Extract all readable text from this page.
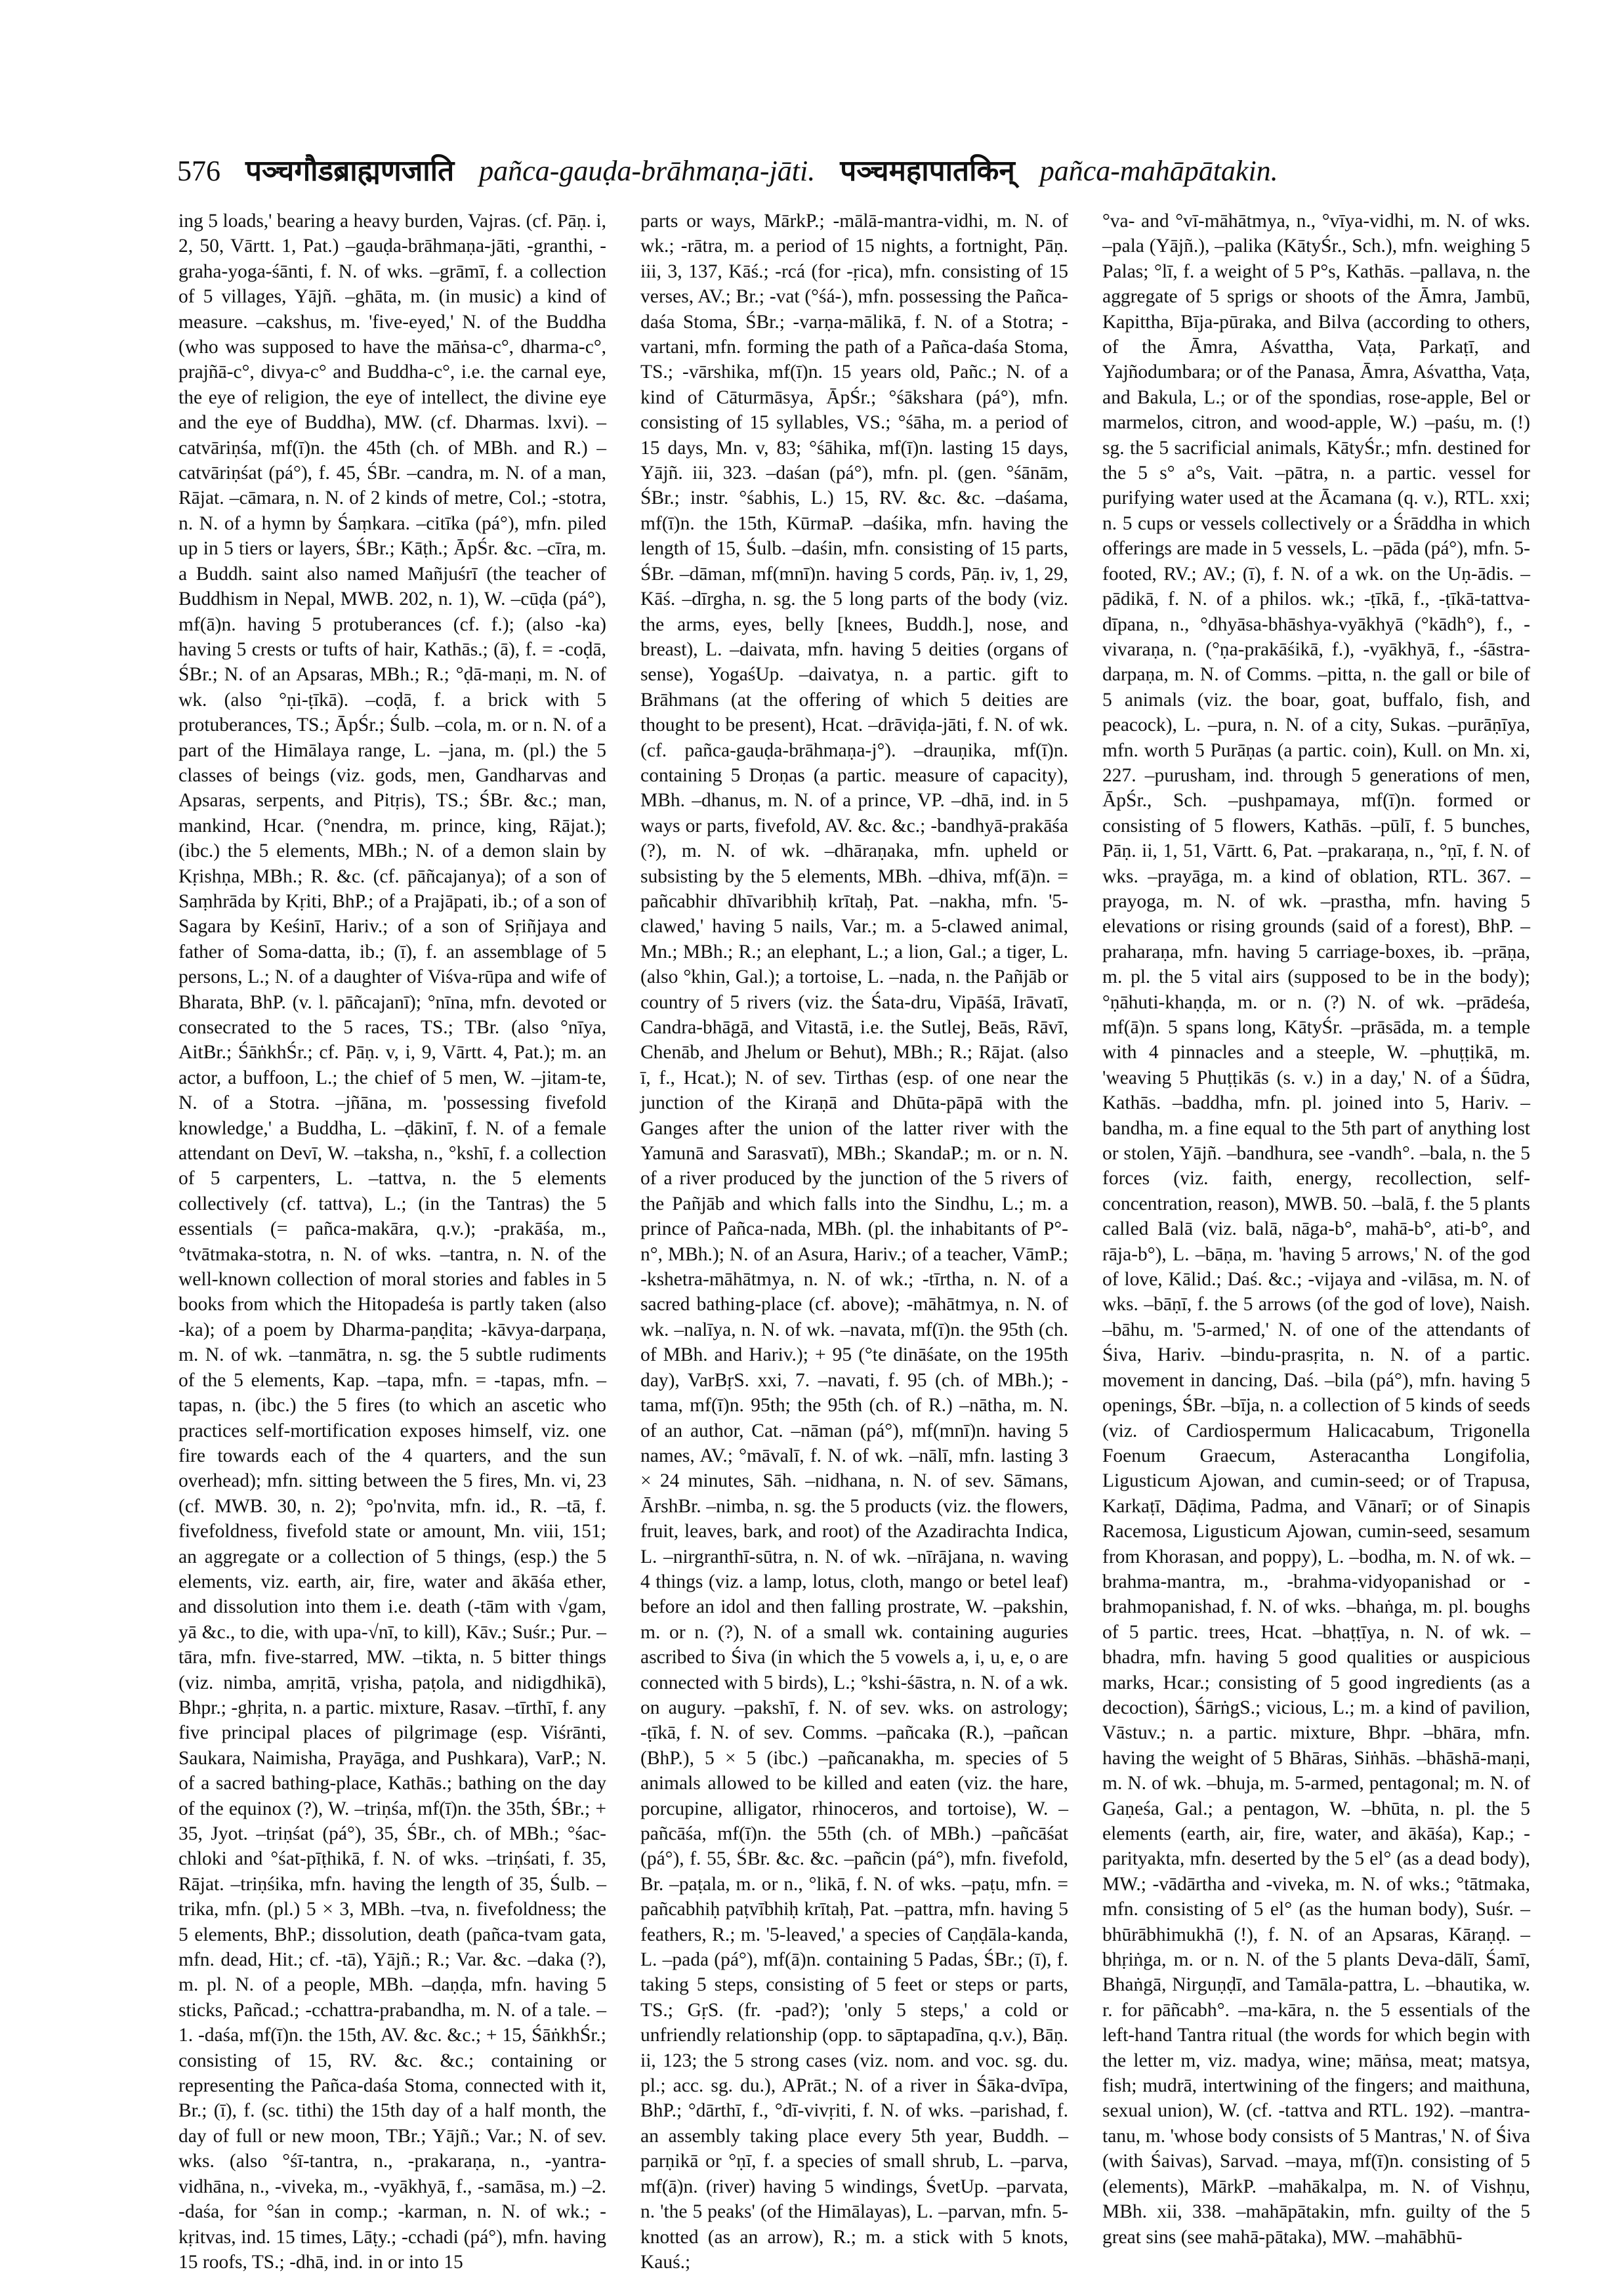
576 पञ्चगौडब्राह्मणजाति pañca-gauḍa-brāhmaṇa-jāti. पञ्चमहापातकिन् pañca-mahāpātakin.

ing 5 loads,' bearing a heavy burden, Vajras. (cf. Pāṇ. i, 2, 50, Vārtt. 1, Pat.) –gauḍa-brāhmaṇa-jāti, -granthi, -graha-yoga-śānti, f. N. of wks. –grāmī, f. a collection of 5 villages, Yājñ. –ghāta, m. (in music) a kind of measure. –cakshus, m. 'five-eyed,' N. of the Buddha (who was supposed to have the māṅsa-c°, dharma-c°, prajñā-c°, divya-c° and Buddha-c°, i.e. the carnal eye, the eye of religion, the eye of intellect, the divine eye and the eye of Buddha), MW. (cf. Dharmas. lxvi). –catvāriṇśa, mf(ī)n. the 45th (ch. of MBh. and R.) –catvāriṇśat (pá°), f. 45, ŚBr. –candra, m. N. of a man, Rājat. –cāmara, n. N. of 2 kinds of metre, Col.; -stotra, n. N. of a hymn by Śaṃkara. –citīka (pá°), mfn. piled up in 5 tiers or layers, ŚBr.; Kāṭh.; ĀpŚr. &c. –cīra, m. a Buddh. saint also named Mañjuśrī (the teacher of Buddhism in Nepal, MWB. 202, n. 1), W. –cūḍa (pá°), mf(ā)n. having 5 protuberances (cf. f.); (also -ka) having 5 crests or tufts of hair, Kathās.; (ā), f. = -coḍā, ŚBr.; N. of an Apsaras, MBh.; R.; °ḍā-maṇi, m. N. of wk. (also °ṇi-ṭīkā). –coḍā, f. a brick with 5 protuberances, TS.; ĀpŚr.; Śulb. –cola, m. or n. N. of a part of the Himālaya range, L. –jana, m. (pl.) the 5 classes of beings (viz. gods, men, Gandharvas and Apsaras, serpents, and Pitṛis), TS.; ŚBr. &c.; man, mankind, Hcar. (°nendra, m. prince, king, Rājat.); (ibc.) the 5 elements, MBh.; N. of a demon slain by Kṛishṇa, MBh.; R. &c. (cf. pāñcajanya); of a son of Saṃhrāda by Kṛiti, BhP.; of a Prajāpati, ib.; of a son of Sagara by Keśinī, Hariv.; of a son of Sṛiñjaya and father of Soma-datta, ib.; (ī), f. an assemblage of 5 persons, L.; N. of a daughter of Viśva-rūpa and wife of Bharata, BhP. (v. l. pāñcajanī); °nīna, mfn. devoted or consecrated to the 5 races, TS.; TBr. (also °nīya, AitBr.; ŚāṅkhŚr.; cf. Pāṇ. v, i, 9, Vārtt. 4, Pat.); m. an actor, a buffoon, L.; the chief of 5 men, W. –jitam-te, N. of a Stotra. –jñāna, m. 'possessing fivefold knowledge,' a Buddha, L. –ḍākinī, f. N. of a female attendant on Devī, W. –taksha, n., °kshī, f. a collection of 5 carpenters, L. –tattva, n. the 5 elements collectively (cf. tattva), L.; (in the Tantras) the 5 essentials (= pañca-makāra, q.v.); -prakāśa, m., °tvātmaka-stotra, n. N. of wks. –tantra, n. N. of the well-known collection of moral stories and fables in 5 books from which the Hitopadeśa is partly taken (also -ka); of a poem by Dharma-paṇḍita; -kāvya-darpaṇa, m. N. of wk. –tanmātra, n. sg. the 5 subtle rudiments of the 5 elements, Kap. –tapa, mfn. = -tapas, mfn. –tapas, n. (ibc.) the 5 fires (to which an ascetic who practices self-mortification exposes himself, viz. one fire towards each of the 4 quarters, and the sun overhead); mfn. sitting between the 5 fires, Mn. vi, 23 (cf. MWB. 30, n. 2); °po'nvita, mfn. id., R. –tā, f. fivefoldness, fivefold state or amount, Mn. viii, 151; an aggregate or a collection of 5 things, (esp.) the 5 elements, viz. earth, air, fire, water and ākāśa ether, and dissolution into them i.e. death (-tām with √gam, yā &c., to die, with upa-√nī, to kill), Kāv.; Suśr.; Pur. –tāra, mfn. five-starred, MW. –tikta, n. 5 bitter things (viz. nimba, amṛitā, vṛisha, paṭola, and nidigdhikā), Bhpr.; -ghṛita, n. a partic. mixture, Rasav. –tīrthī, f. any five principal places of pilgrimage (esp. Viśrānti, Saukara, Naimisha, Prayāga, and Pushkara), VarP.; N. of a sacred bathing-place, Kathās.; bathing on the day of the equinox (?), W. –triṇśa, mf(ī)n. the 35th, ŚBr.; + 35, Jyot. –triṇśat (pá°), 35, ŚBr., ch. of MBh.; °śac-chloki and °śat-pīṭhikā, f. N. of wks. –triṇśati, f. 35, Rājat. –triṇśika, mfn. having the length of 35, Śulb. –trika, mfn. (pl.) 5 × 3, MBh. –tva, n. fivefoldness; the 5 elements, BhP.; dissolution, death (pañca-tvam gata, mfn. dead, Hit.; cf. -tā), Yājñ.; R.; Var. &c. –daka (?), m. pl. N. of a people, MBh. –daṇḍa, mfn. having 5 sticks, Pañcad.; -cchattra-prabandha, m. N. of a tale. –1. -daśa, mf(ī)n. the 15th, AV. &c. &c.; + 15, ŚāṅkhŚr.; consisting of 15, RV. &c. &c.; containing or representing the Pañca-daśa Stoma, connected with it, Br.; (ī), f. (sc. tithi) the 15th day of a half month, the day of full or new moon, TBr.; Yājñ.; Var.; N. of sev. wks. (also °śī-tantra, n., -prakaraṇa, n., -yantra-vidhāna, n., -viveka, m., -vyākhyā, f., -samāsa, m.) –2. -daśa, for °śan in comp.; -karman, n. N. of wk.; -kṛitvas, ind. 15 times, Lāṭy.; -cchadi (pá°), mfn. having 15 roofs, TS.; -dhā, ind. in or into 15

parts or ways, MārkP.; -mālā-mantra-vidhi, m. N. of wk.; -rātra, m. a period of 15 nights, a fortnight, Pāṇ. iii, 3, 137, Kāś.; -rcá (for -ṛica), mfn. consisting of 15 verses, AV.; Br.; -vat (°śá-), mfn. possessing the Pañca-daśa Stoma, ŚBr.; -varṇa-mālikā, f. N. of a Stotra; -vartani, mfn. forming the path of a Pañca-daśa Stoma, TS.; -vārshika, mf(ī)n. 15 years old, Pañc.; N. of a kind of Cāturmāsya, ĀpŚr.; °śākshara (pá°), mfn. consisting of 15 syllables, VS.; °śāha, m. a period of 15 days, Mn. v, 83; °śāhika, mf(ī)n. lasting 15 days, Yājñ. iii, 323. –daśan (pá°), mfn. pl. (gen. °śānām, ŚBr.; instr. °śabhis, L.) 15, RV. &c. &c. –daśama, mf(ī)n. the 15th, KūrmaP. –daśika, mfn. having the length of 15, Śulb. –daśin, mfn. consisting of 15 parts, ŚBr. –dāman, mf(mnī)n. having 5 cords, Pāṇ. iv, 1, 29, Kāś. –dīrgha, n. sg. the 5 long parts of the body (viz. the arms, eyes, belly [knees, Buddh.], nose, and breast), L. –daivata, mfn. having 5 deities (organs of sense), YogaśUp. –daivatya, n. a partic. gift to Brāhmans (at the offering of which 5 deities are thought to be present), Hcat. –drāviḍa-jāti, f. N. of wk. (cf. pañca-gauḍa-brāhmaṇa-j°). –drauṇika, mf(ī)n. containing 5 Droṇas (a partic. measure of capacity), MBh. –dhanus, m. N. of a prince, VP. –dhā, ind. in 5 ways or parts, fivefold, AV. &c. &c.; -bandhyā-prakāśa (?), m. N. of wk. –dhāraṇaka, mfn. upheld or subsisting by the 5 elements, MBh. –dhiva, mf(ā)n. = pañcabhir dhīvaribhiḥ krītaḥ, Pat. –nakha, mfn. '5-clawed,' having 5 nails, Var.; m. a 5-clawed animal, Mn.; MBh.; R.; an elephant, L.; a lion, Gal.; a tiger, L. (also °khin, Gal.); a tortoise, L. –nada, n. the Pañjāb or country of 5 rivers (viz. the Śata-dru, Vipāśā, Irāvatī, Candra-bhāgā, and Vitastā, i.e. the Sutlej, Beās, Rāvī, Chenāb, and Jhelum or Behut), MBh.; R.; Rājat. (also ī, f., Hcat.); N. of sev. Tirthas (esp. of one near the junction of the Kiraṇā and Dhūta-pāpā with the Ganges after the union of the latter river with the Yamunā and Sarasvatī), MBh.; SkandaP.; m. or n. N. of a river produced by the junction of the 5 rivers of the Pañjāb and which falls into the Sindhu, L.; m. a prince of Pañca-nada, MBh. (pl. the inhabitants of P°-n°, MBh.); N. of an Asura, Hariv.; of a teacher, VāmP.; -kshetra-māhātmya, n. N. of wk.; -tīrtha, n. N. of a sacred bathing-place (cf. above); -māhātmya, n. N. of wk. –nalīya, n. N. of wk. –navata, mf(ī)n. the 95th (ch. of MBh. and Hariv.); + 95 (°te dināśate, on the 195th day), VarBṛS. xxi, 7. –navati, f. 95 (ch. of MBh.); -tama, mf(ī)n. 95th; the 95th (ch. of R.) –nātha, m. N. of an author, Cat. –nāman (pá°), mf(mnī)n. having 5 names, AV.; °māvalī, f. N. of wk. –nālī, mfn. lasting 3 × 24 minutes, Sāh. –nidhana, n. N. of sev. Sāmans, ĀrshBr. –nimba, n. sg. the 5 products (viz. the flowers, fruit, leaves, bark, and root) of the Azadirachta Indica, L. –nirgranthī-sūtra, n. N. of wk. –nīrājana, n. waving 4 things (viz. a lamp, lotus, cloth, mango or betel leaf) before an idol and then falling prostrate, W. –pakshin, m. or n. (?), N. of a small wk. containing auguries ascribed to Śiva (in which the 5 vowels a, i, u, e, o are connected with 5 birds), L.; °kshi-śāstra, n. N. of a wk. on augury. –pakshī, f. N. of sev. wks. on astrology; -ṭīkā, f. N. of sev. Comms. –pañcaka (R.), –pañcan (BhP.), 5 × 5 (ibc.) –pañcanakha, m. species of 5 animals allowed to be killed and eaten (viz. the hare, porcupine, alligator, rhinoceros, and tortoise), W. –pañcāśa, mf(ī)n. the 55th (ch. of MBh.) –pañcāśat (pá°), f. 55, ŚBr. &c. &c. –pañcin (pá°), mfn. fivefold, Br. –paṭala, m. or n., °likā, f. N. of wks. –paṭu, mfn. = pañcabhiḥ paṭvībhiḥ krītaḥ, Pat. –pattra, mfn. having 5 feathers, R.; m. '5-leaved,' a species of Caṇḍāla-kanda, L. –pada (pá°), mf(ā)n. containing 5 Padas, ŚBr.; (ī), f. taking 5 steps, consisting of 5 feet or steps or parts, TS.; GṛS. (fr. -pad?); 'only 5 steps,' a cold or unfriendly relationship (opp. to sāptapadīna, q.v.), Bāṇ. ii, 123; the 5 strong cases (viz. nom. and voc. sg. du. pl.; acc. sg. du.), APrāt.; N. of a river in Śāka-dvīpa, BhP.; °dārthī, f., °dī-vivṛiti, f. N. of wks. –parishad, f. an assembly taking place every 5th year, Buddh. –parṇikā or °ṇī, f. a species of small shrub, L. –parva, mf(ā)n. (river) having 5 windings, ŚvetUp. –parvata, n. 'the 5 peaks' (of the Himālayas), L. –parvan, mfn. 5-knotted (as an arrow), R.; m. a stick with 5 knots, Kauś.;

°va- and °vī-māhātmya, n., °vīya-vidhi, m. N. of wks. –pala (Yājñ.), –palika (KātyŚr., Sch.), mfn. weighing 5 Palas; °lī, f. a weight of 5 P°s, Kathās. –pallava, n. the aggregate of 5 sprigs or shoots of the Āmra, Jambū, Kapittha, Bīja-pūraka, and Bilva (according to others, of the Āmra, Aśvattha, Vaṭa, Parkaṭī, and Yajñodumbara; or of the Panasa, Āmra, Aśvattha, Vaṭa, and Bakula, L.; or of the spondias, rose-apple, Bel or marmelos, citron, and wood-apple, W.) –paśu, m. (!) sg. the 5 sacrificial animals, KātyŚr.; mfn. destined for the 5 s° a°s, Vait. –pātra, n. a partic. vessel for purifying water used at the Ācamana (q. v.), RTL. xxi; n. 5 cups or vessels collectively or a Śrāddha in which offerings are made in 5 vessels, L. –pāda (pá°), mfn. 5-footed, RV.; AV.; (ī), f. N. of a wk. on the Uṇ-ādis. –pādikā, f. N. of a philos. wk.; -ṭīkā, f., -ṭīkā-tattva-dīpana, n., °dhyāsa-bhāshya-vyākhyā (°kādh°), f., -vivaraṇa, n. (°ṇa-prakāśikā, f.), -vyākhyā, f., -śāstra-darpaṇa, m. N. of Comms. –pitta, n. the gall or bile of 5 animals (viz. the boar, goat, buffalo, fish, and peacock), L. –pura, n. N. of a city, Sukas. –purāṇīya, mfn. worth 5 Purāṇas (a partic. coin), Kull. on Mn. xi, 227. –purusham, ind. through 5 generations of men, ĀpŚr., Sch. –pushpamaya, mf(ī)n. formed or consisting of 5 flowers, Kathās. –pūlī, f. 5 bunches, Pāṇ. ii, 1, 51, Vārtt. 6, Pat. –prakaraṇa, n., °ṇī, f. N. of wks. –prayāga, m. a kind of oblation, RTL. 367. –prayoga, m. N. of wk. –prastha, mfn. having 5 elevations or rising grounds (said of a forest), BhP. –praharaṇa, mfn. having 5 carriage-boxes, ib. –prāṇa, m. pl. the 5 vital airs (supposed to be in the body); °ṇāhuti-khaṇḍa, m. or n. (?) N. of wk. –prādeśa, mf(ā)n. 5 spans long, KātyŚr. –prāsāda, m. a temple with 4 pinnacles and a steeple, W. –phuṭṭikā, m. 'weaving 5 Phuṭṭikās (s. v.) in a day,' N. of a Śūdra, Kathās. –baddha, mfn. pl. joined into 5, Hariv. –bandha, m. a fine equal to the 5th part of anything lost or stolen, Yājñ. –bandhura, see -vandh°. –bala, n. the 5 forces (viz. faith, energy, recollection, self-concentration, reason), MWB. 50. –balā, f. the 5 plants called Balā (viz. balā, nāga-b°, mahā-b°, ati-b°, and rāja-b°), L. –bāṇa, m. 'having 5 arrows,' N. of the god of love, Kālid.; Daś. &c.; -vijaya and -vilāsa, m. N. of wks. –bāṇī, f. the 5 arrows (of the god of love), Naish. –bāhu, m. '5-armed,' N. of one of the attendants of Śiva, Hariv. –bindu-prasṛita, n. N. of a partic. movement in dancing, Daś. –bila (pá°), mfn. having 5 openings, ŚBr. –bīja, n. a collection of 5 kinds of seeds (viz. of Cardiospermum Halicacabum, Trigonella Foenum Graecum, Asteracantha Longifolia, Ligusticum Ajowan, and cumin-seed; or of Trapusa, Karkaṭī, Dāḍima, Padma, and Vānarī; or of Sinapis Racemosa, Ligusticum Ajowan, cumin-seed, sesamum from Khorasan, and poppy), L. –bodha, m. N. of wk. –brahma-mantra, m., -brahma-vidyopanishad or -brahmopanishad, f. N. of wks. –bhaṅga, m. pl. boughs of 5 partic. trees, Hcat. –bhaṭṭīya, n. N. of wk. –bhadra, mfn. having 5 good qualities or auspicious marks, Hcar.; consisting of 5 good ingredients (as a decoction), ŚārṅgS.; vicious, L.; m. a kind of pavilion, Vāstuv.; n. a partic. mixture, Bhpr. –bhāra, mfn. having the weight of 5 Bhāras, Siṅhās. –bhāshā-maṇi, m. N. of wk. –bhuja, m. 5-armed, pentagonal; m. N. of Gaṇeśa, Gal.; a pentagon, W. –bhūta, n. pl. the 5 elements (earth, air, fire, water, and ākāśa), Kap.; -parityakta, mfn. deserted by the 5 el° (as a dead body), MW.; -vādārtha and -viveka, m. N. of wks.; °tātmaka, mfn. consisting of 5 el° (as the human body), Suśr. –bhūrābhimukhā (!), f. N. of an Apsaras, Kāraṇḍ. –bhṛiṅga, m. or n. N. of the 5 plants Deva-dālī, Śamī, Bhaṅgā, Nirguṇḍī, and Tamāla-pattra, L. –bhautika, w. r. for pāñcabh°. –ma-kāra, n. the 5 essentials of the left-hand Tantra ritual (the words for which begin with the letter m, viz. madya, wine; māṅsa, meat; matsya, fish; mudrā, intertwining of the fingers; and maithuna, sexual union), W. (cf. -tattva and RTL. 192). –mantra-tanu, m. 'whose body consists of 5 Mantras,' N. of Śiva (with Śaivas), Sarvad. –maya, mf(ī)n. consisting of 5 (elements), MārkP. –mahākalpa, m. N. of Vishṇu, MBh. xii, 338. –mahāpātakin, mfn. guilty of the 5 great sins (see mahā-pātaka), MW. –mahābhū-
